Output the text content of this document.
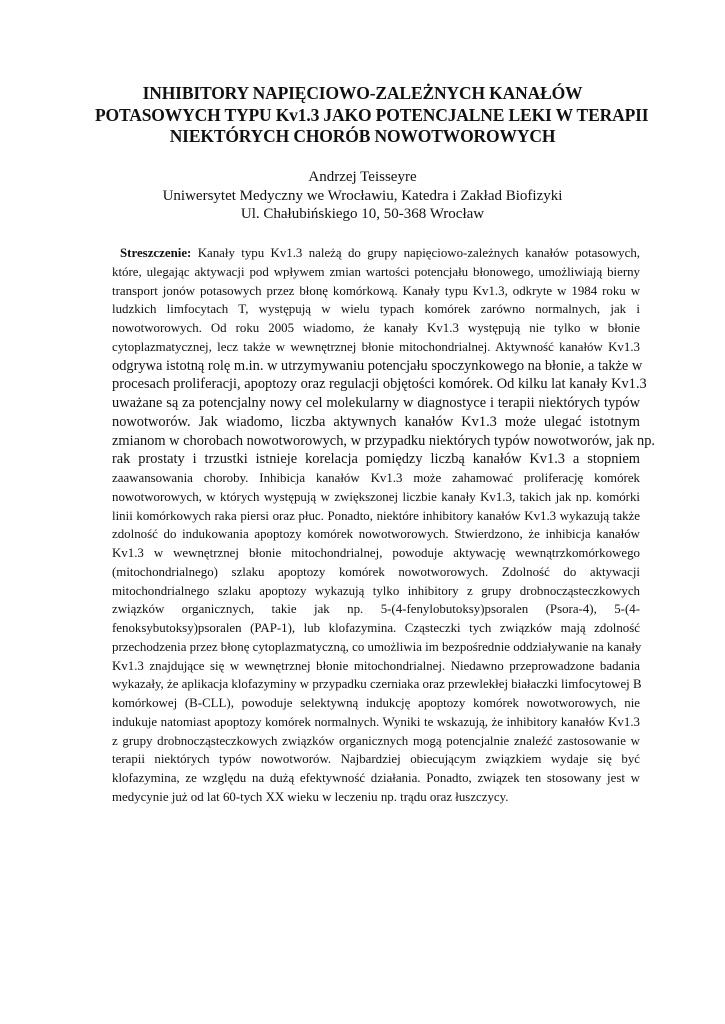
INHIBITORY NAPIĘCIOWO-ZALEŻNYCH KANAŁÓW
POTASOWYCH TYPU Kv1.3 JAKO POTENCJALNE LEKI W TERAPII
NIEKTÓRYCH CHORÓB NOWOTWOROWYCH
Andrzej Teisseyre
Uniwersytet Medyczny we Wrocławiu, Katedra i Zakład Biofizyki
Ul. Chałubińskiego 10, 50-368 Wrocław
Streszczenie: Kanały typu Kv1.3 należą do grupy napięciowo-zależnych kanałów potasowych,
które, ulegając aktywacji pod wpływem zmian wartości potencjału błonowego, umożliwiają bierny
transport jonów potasowych przez błonę komórkową. Kanały typu Kv1.3, odkryte w 1984 roku w
ludzkich limfocytach T, występują w wielu typach komórek zarówno normalnych, jak i
nowotworowych. Od roku 2005 wiadomo, że kanały Kv1.3 występują nie tylko w błonie
cytoplazmatycznej, lecz także w wewnętrznej błonie mitochondrialnej. Aktywność kanałów Kv1.3
odgrywa istotną rolę m.in. w utrzymywaniu potencjału spoczynkowego na błonie, a także w
procesach proliferacji, apoptozy oraz regulacji objętości komórek. Od kilku lat kanały Kv1.3
uważane są za potencjalny nowy cel molekularny w diagnostyce i terapii niektórych typów
nowotworów. Jak wiadomo, liczba aktywnych kanałów Kv1.3 może ulegać istotnym
zmianom w chorobach nowotworowych, w przypadku niektórych typów nowotworów, jak np.
rak prostaty i trzustki istnieje korelacja pomiędzy liczbą kanałów Kv1.3 a stopniem
zaawansowania choroby. Inhibicja kanałów Kv1.3 może zahamować proliferację komórek
nowotworowych, w których występują w zwiększonej liczbie kanały Kv1.3, takich jak np. komórki
linii komórkowych raka piersi oraz płuc. Ponadto, niektóre inhibitory kanałów Kv1.3 wykazują także
zdolność do indukowania apoptozy komórek nowotworowych. Stwierdzono, że inhibicja kanałów
Kv1.3 w wewnętrznej błonie mitochondrialnej, powoduje aktywację wewnątrzkomórkowego
(mitochondrialnego) szlaku apoptozy komórek nowotworowych. Zdolność do aktywacji
mitochondrialnego szlaku apoptozy wykazują tylko inhibitory z grupy drobnocząsteczkowych
związków organicznych, takie jak np. 5-(4-fenylobutoksy)psoralen (Psora-4), 5-(4-
fenoksybutoksy)psoralen (PAP-1), lub klofazymina. Cząsteczki tych związków mają zdolność
przechodzenia przez błonę cytoplazmatyczną, co umożliwia im bezpośrednie oddziaływanie na kanały
Kv1.3 znajdujące się w wewnętrznej błonie mitochondrialnej. Niedawno przeprowadzone badania
wykazały, że aplikacja klofazyminy w przypadku czerniaka oraz przewlekłej białaczki limfocytowej B
komórkowej (B-CLL), powoduje selektywną indukcję apoptozy komórek nowotworowych, nie
indukuje natomiast apoptozy komórek normalnych. Wyniki te wskazują, że inhibitory kanałów Kv1.3
z grupy drobnocząsteczkowych związków organicznych mogą potencjalnie znaleźć zastosowanie w
terapii niektórych typów nowotworów. Najbardziej obiecującym związkiem wydaje się być
klofazymina, ze względu na dużą efektywność działania. Ponadto, związek ten stosowany jest w
medycynie już od lat 60-tych XX wieku w leczeniu np. trądu oraz łuszczycy.
